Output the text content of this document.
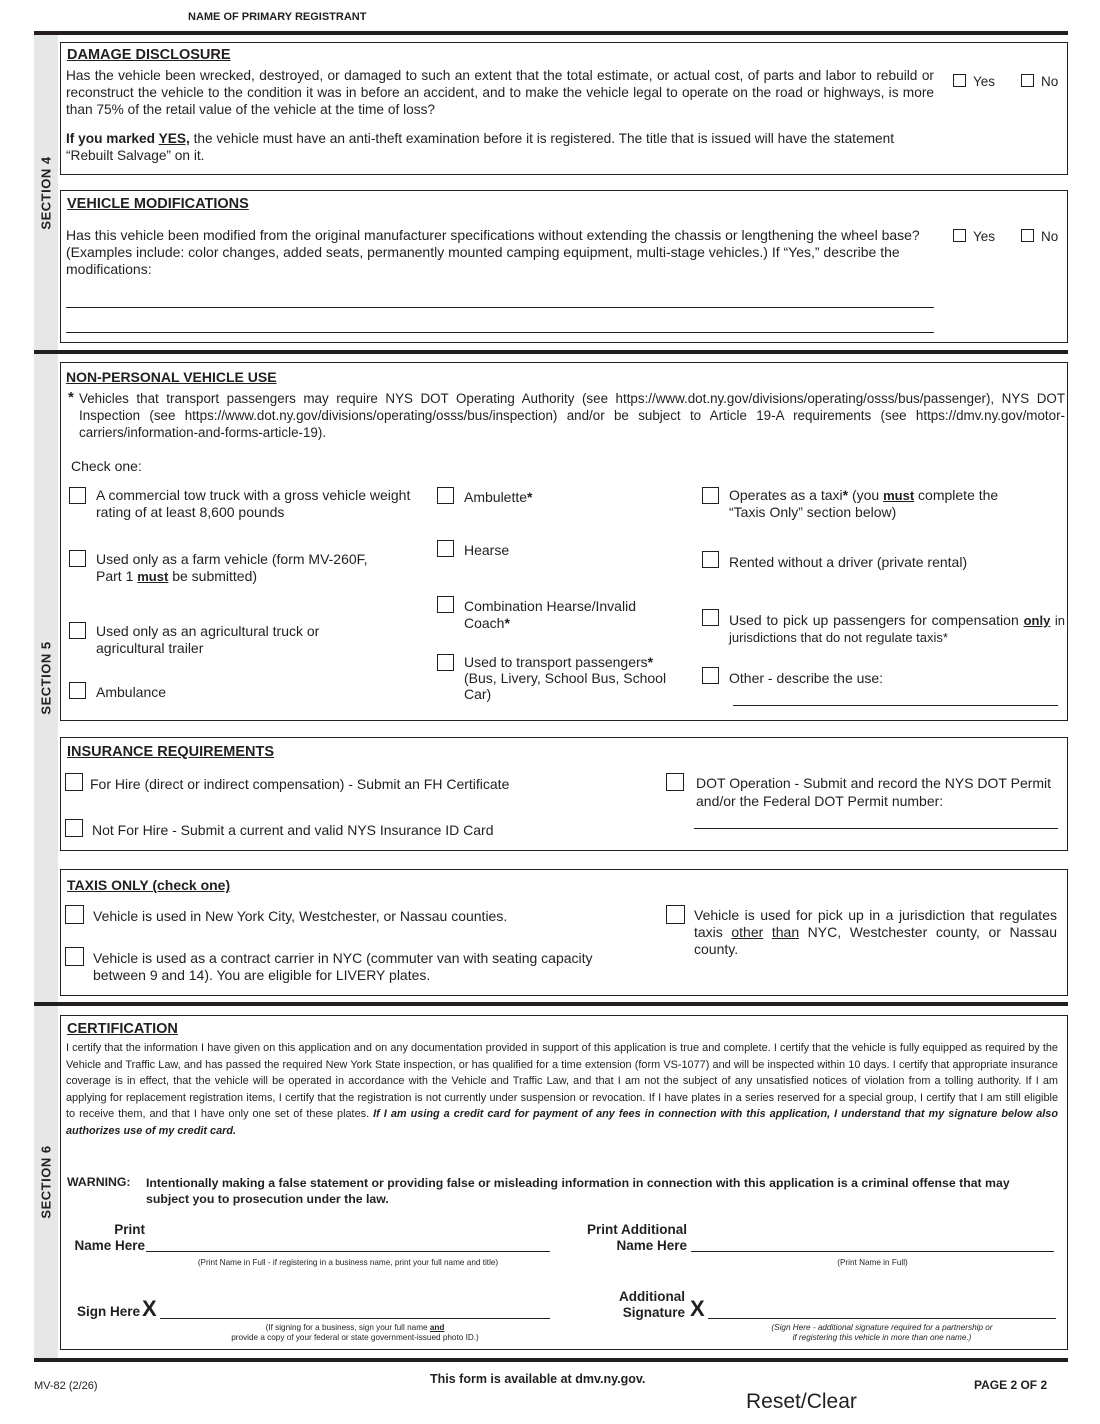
NAME OF PRIMARY REGISTRANT
SECTION 4
DAMAGE DISCLOSURE
Has the vehicle been wrecked, destroyed, or damaged to such an extent that the total estimate, or actual cost, of parts and labor to rebuild or reconstruct the vehicle to the condition it was in before an accident, and to make the vehicle legal to operate on the road or highways, is more than 75% of the retail value of the vehicle at the time of loss?
If you marked YES, the vehicle must have an anti-theft examination before it is registered. The title that is issued will have the statement “Rebuilt Salvage” on it.
Yes	No
VEHICLE MODIFICATIONS
Has this vehicle been modified from the original manufacturer specifications without extending the chassis or lengthening the wheel base? (Examples include: color changes, added seats, permanently mounted camping equipment, multi-stage vehicles.) If “Yes,” describe the modifications:
Yes	No
SECTION 5
NON-PERSONAL VEHICLE USE
* Vehicles that transport passengers may require NYS DOT Operating Authority (see https://www.dot.ny.gov/divisions/operating/osss/bus/passenger), NYS DOT Inspection (see https://www.dot.ny.gov/divisions/operating/osss/bus/inspection) and/or be subject to Article 19-A requirements (see https://dmv.ny.gov/motor-carriers/information-and-forms-article-19).
Check one:
A commercial tow truck with a gross vehicle weight rating of at least 8,600 pounds
Used only as a farm vehicle (form MV-260F, Part 1 must be submitted)
Used only as an agricultural truck or agricultural trailer
Ambulance
Ambulette*
Hearse
Combination Hearse/Invalid Coach*
Used to transport passengers*
(Bus, Livery, School Bus, School Car)
Operates as a taxi* (you must complete the “Taxis Only” section below)
Rented without a driver (private rental)
Used to pick up passengers for compensation only in jurisdictions that do not regulate taxis*
Other - describe the use:
INSURANCE REQUIREMENTS
For Hire (direct or indirect compensation) - Submit an FH Certificate
Not For Hire - Submit a current and valid NYS Insurance ID Card
DOT Operation - Submit and record the NYS DOT Permit and/or the Federal DOT Permit number:
TAXIS ONLY (check one)
Vehicle is used in New York City, Westchester, or Nassau counties.
Vehicle is used as a contract carrier in NYC (commuter van with seating capacity between 9 and 14). You are eligible for LIVERY plates.
Vehicle is used for pick up in a jurisdiction that regulates taxis other than NYC, Westchester county, or Nassau county.
SECTION 6
CERTIFICATION
I certify that the information I have given on this application and on any documentation provided in support of this application is true and complete. I certify that the vehicle is fully equipped as required by the Vehicle and Traffic Law, and has passed the required New York State inspection, or has qualified for a time extension (form VS-1077) and will be inspected within 10 days. I certify that appropriate insurance coverage is in effect, that the vehicle will be operated in accordance with the Vehicle and Traffic Law, and that I am not the subject of any unsatisfied notices of violation from a tolling authority. If I am applying for replacement registration items, I certify that the registration is not currently under suspension or revocation. If I have plates in a series reserved for a special group, I certify that I am still eligible to receive them, and that I have only one set of these plates. If I am using a credit card for payment of any fees in connection with this application, I understand that my signature below also authorizes use of my credit card.
WARNING: Intentionally making a false statement or providing false or misleading information in connection with this application is a criminal offense that may subject you to prosecution under the law.
Print
Name Here
(Print Name in Full - if registering in a business name, print your full name and title)
Print Additional
Name Here
(Print Name in Full)
Sign Here X
(If signing for a business, sign your full name and
provide a copy of your federal or state government-issued photo ID.)
Additional
Signature X
(Sign Here - additional signature required for a partnership or
if registering this vehicle in more than one name.)
MV-82 (2/26)	This form is available at dmv.ny.gov.	PAGE 2 OF 2
Reset/Clear
